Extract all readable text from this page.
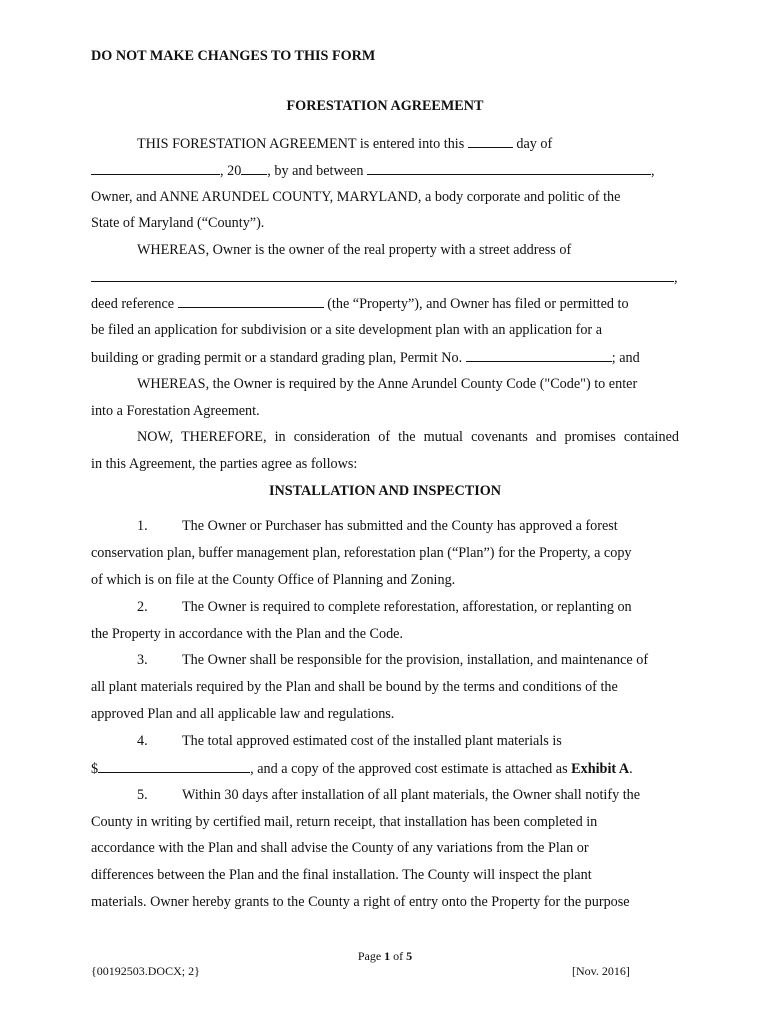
DO NOT MAKE CHANGES TO THIS FORM
FORESTATION AGREEMENT
THIS FORESTATION AGREEMENT is entered into this	day of
, 20 , by and between	,
Owner, and ANNE ARUNDEL COUNTY, MARYLAND, a body corporate and politic of the
State of Maryland (“County”).
WHEREAS, Owner is the owner of the real property with a street address of
,
deed reference	(the “Property”), and Owner has filed or permitted to
be filed an application for subdivision or a site development plan with an application for a
building or grading permit or a standard grading plan, Permit No.	; and
WHEREAS, the Owner is required by the Anne Arundel County Code ("Code") to enter
into a Forestation Agreement.
NOW, THEREFORE, in consideration of the mutual covenants and promises contained
in this Agreement, the parties agree as follows:
INSTALLATION AND INSPECTION
1. The Owner or Purchaser has submitted and the County has approved a forest
conservation plan, buffer management plan, reforestation plan (“Plan”) for the Property, a copy
of which is on file at the County Office of Planning and Zoning.
2. The Owner is required to complete reforestation, afforestation, or replanting on
the Property in accordance with the Plan and the Code.
3. The Owner shall be responsible for the provision, installation, and maintenance of
all plant materials required by the Plan and shall be bound by the terms and conditions of the
approved Plan and all applicable law and regulations.
4. The total approved estimated cost of the installed plant materials is
$	, and a copy of the approved cost estimate is attached as Exhibit A.
5. Within 30 days after installation of all plant materials, the Owner shall notify the
County in writing by certified mail, return receipt, that installation has been completed in
accordance with the Plan and shall advise the County of any variations from the Plan or
differences between the Plan and the final installation. The County will inspect the plant
materials. Owner hereby grants to the County a right of entry onto the Property for the purpose
Page 1 of 5
{00192503.DOCX; 2}	[Nov. 2016]
